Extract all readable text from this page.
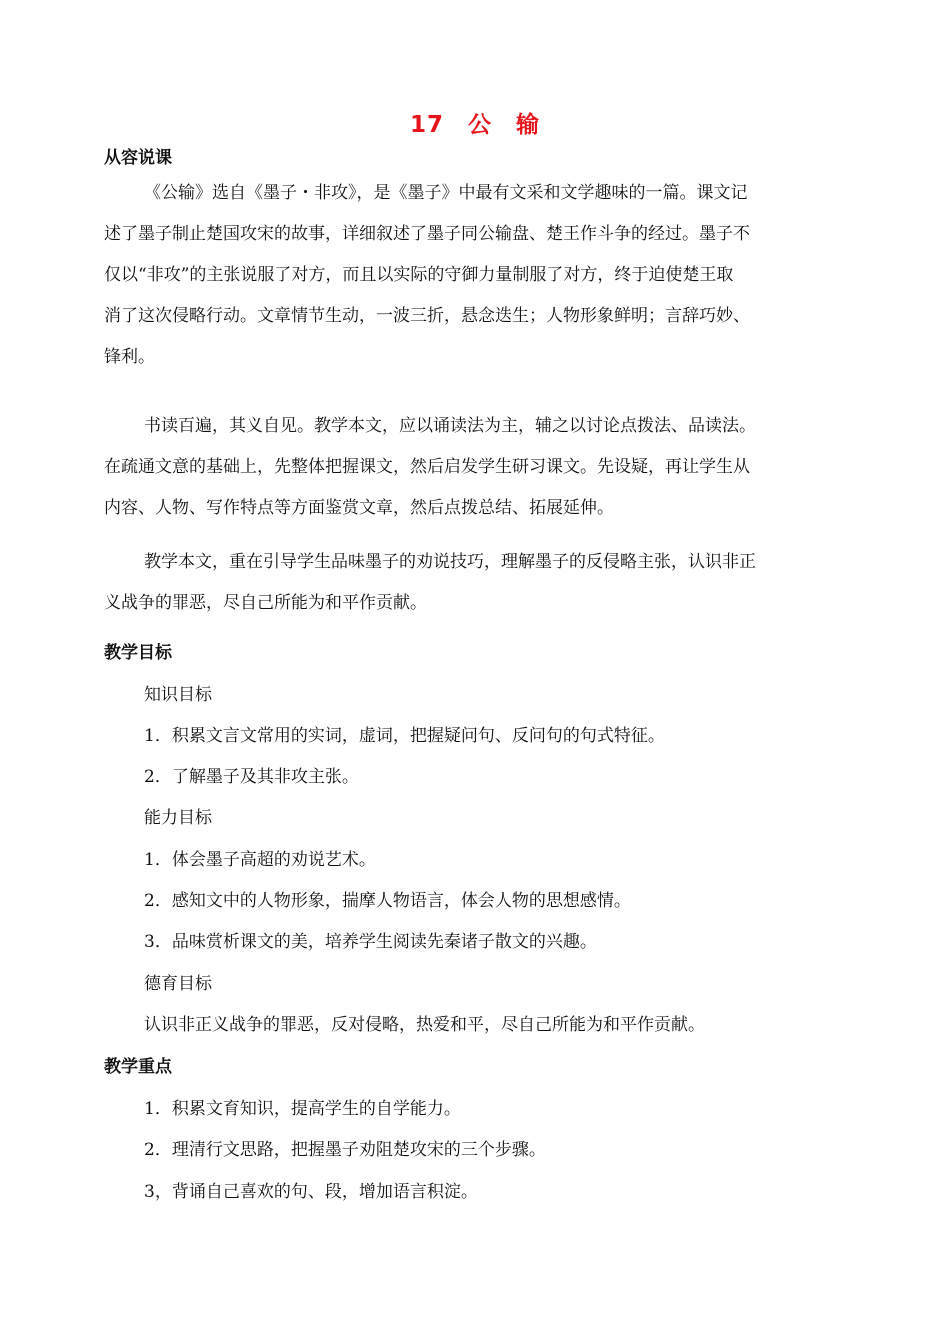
17　公　输
从容说课
《公输》选自《墨子・非攻》，是《墨子》中最有文采和文学趣味的一篇。课文记
述了墨子制止楚国攻宋的故事，详细叙述了墨子同公输盘、楚王作斗争的经过。墨子不
仅以“非攻”的主张说服了对方，而且以实际的守御力量制服了对方，终于迫使楚王取
消了这次侵略行动。文章情节生动，一波三折，悬念迭生；人物形象鲜明；言辞巧妙、
锋利。
书读百遍，其义自见。教学本文，应以诵读法为主，辅之以讨论点拨法、品读法。
在疏通文意的基础上，先整体把握课文，然后启发学生研习课文。先设疑，再让学生从
内容、人物、写作特点等方面鉴赏文章，然后点拨总结、拓展延伸。
教学本文，重在引导学生品味墨子的劝说技巧，理解墨子的反侵略主张，认识非正
义战争的罪恶，尽自己所能为和平作贡献。
教学目标
知识目标
1．积累文言文常用的实词，虚词，把握疑问句、反问句的句式特征。
2．了解墨子及其非攻主张。
能力目标
1．体会墨子高超的劝说艺术。
2．感知文中的人物形象，揣摩人物语言，体会人物的思想感情。
3．品味赏析课文的美，培养学生阅读先秦诸子散文的兴趣。
德育目标
认识非正义战争的罪恶，反对侵略，热爱和平，尽自己所能为和平作贡献。
教学重点
1．积累文育知识，提高学生的自学能力。
2．理清行文思路，把握墨子劝阻楚攻宋的三个步骤。
3，背诵自己喜欢的句、段，增加语言积淀。
